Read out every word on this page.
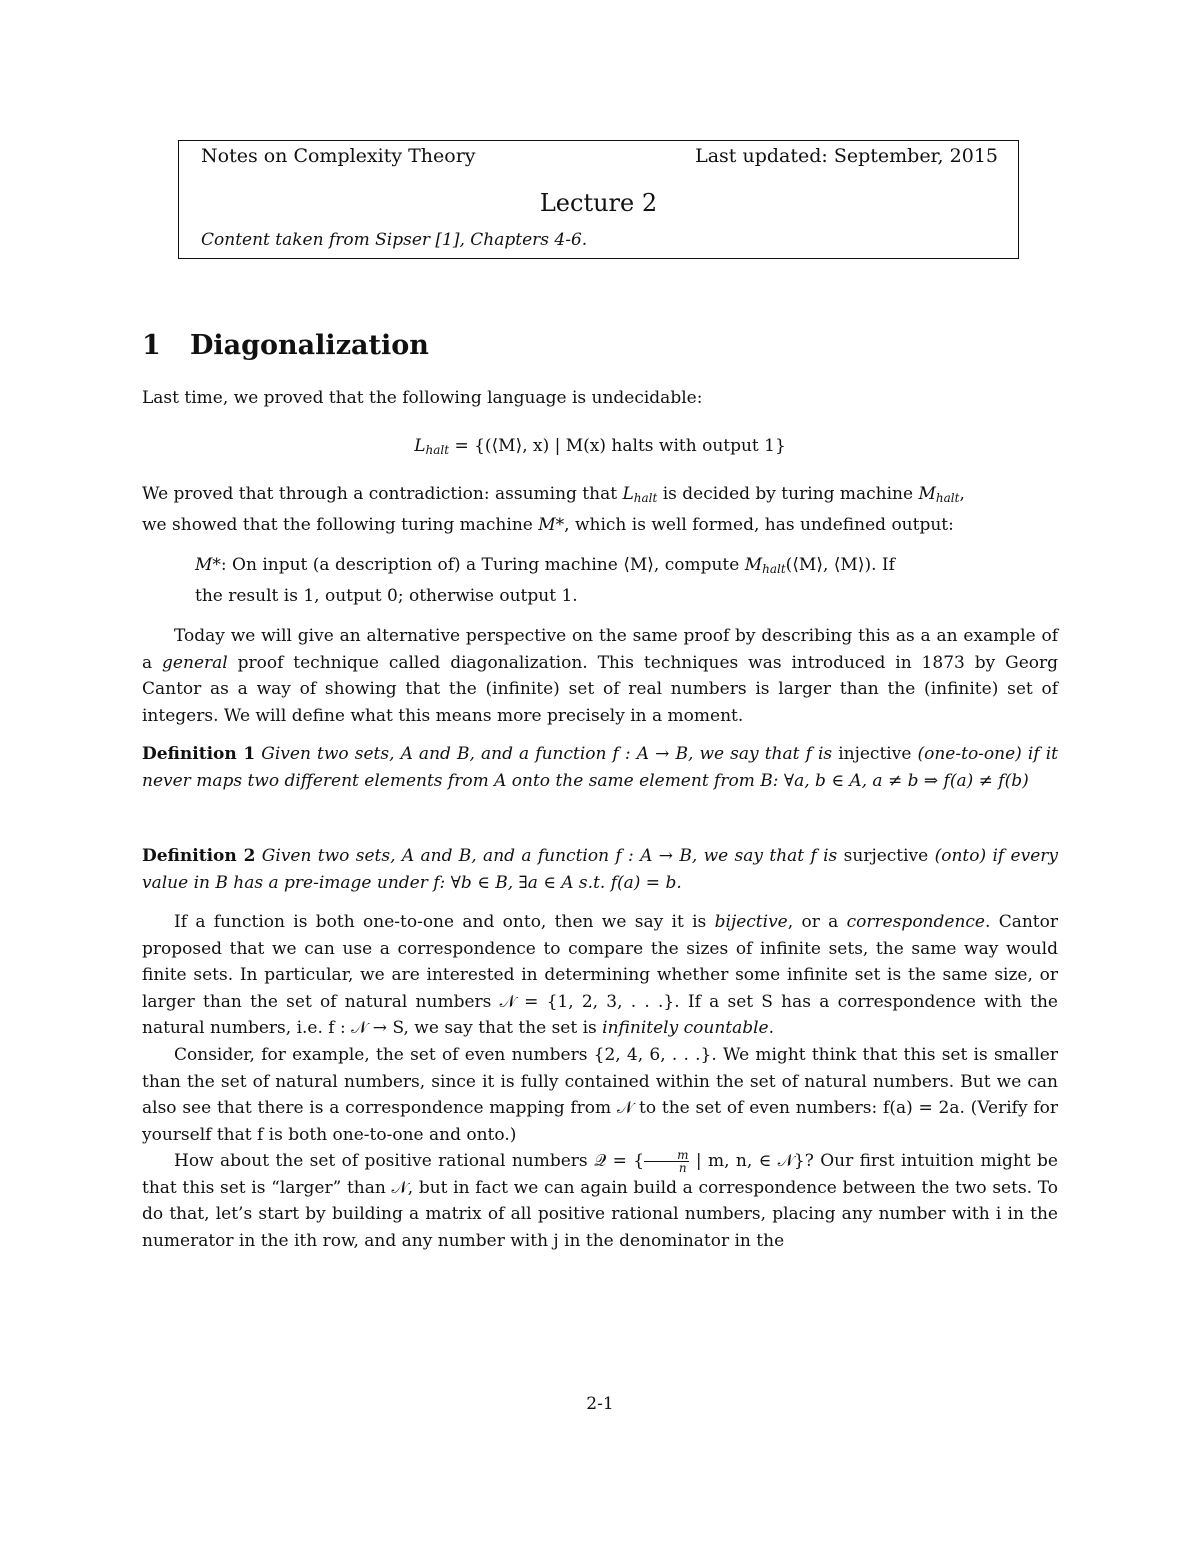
Notes on Complexity Theory	Last updated: September, 2015
Lecture 2
Content taken from Sipser [1], Chapters 4-6.
1 Diagonalization
Last time, we proved that the following language is undecidable:
$L_{halt}$ = {(⟨M⟩, x) | M(x) halts with output 1}
We proved that through a contradiction: assuming that $L_{halt}$ is decided by turing machine $M_{halt}$,
we showed that the following turing machine M*, which is well formed, has undefined output:
M*: On input (a description of) a Turing machine ⟨M⟩, compute $M_{halt}(⟨M⟩$, ⟨M⟩). If
the result is 1, output 0; otherwise output 1.
Today we will give an alternative perspective on the same proof by describing this as a an example of a general proof technique called diagonalization. This techniques was introduced in 1873 by Georg Cantor as a way of showing that the (infinite) set of real numbers is larger than the (infinite) set of integers. We will define what this means more precisely in a moment.
Definition 1 Given two sets, A and B, and a function f : A → B, we say that f is injective (one-to-one) if it never maps two different elements from A onto the same element from B: ∀a, b ∈ A, a ≠ b ⇒ f(a) ≠ f(b)
Definition 2 Given two sets, A and B, and a function f : A → B, we say that f is surjective (onto) if every value in B has a pre-image under f: ∀b ∈ B, ∃a ∈ A s.t. f(a) = b.
If a function is both one-to-one and onto, then we say it is bijective, or a correspondence. Cantor proposed that we can use a correspondence to compare the sizes of infinite sets, the same way would finite sets. In particular, we are interested in determining whether some infinite set is the same size, or larger than the set of natural numbers 𝒩 = {1, 2, 3, . . .}. If a set S has a correspondence with the natural numbers, i.e. f : 𝒩 → S, we say that the set is infinitely countable.
Consider, for example, the set of even numbers {2, 4, 6, . . .}. We might think that this set is smaller than the set of natural numbers, since it is fully contained within the set of natural numbers. But we can also see that there is a correspondence mapping from 𝒩 to the set of even numbers: f(a) = 2a. (Verify for yourself that f is both one-to-one and onto.)
How about the set of positive rational numbers 𝒬 = { $\frac{m}{n}$ | m, n, ∈ 𝒩}? Our first intuition might be that this set is “larger” than 𝒩, but in fact we can again build a correspondence between the two sets. To do that, let’s start by building a matrix of all positive rational numbers, placing any number with i in the numerator in the ith row, and any number with j in the denominator in the
2-1
